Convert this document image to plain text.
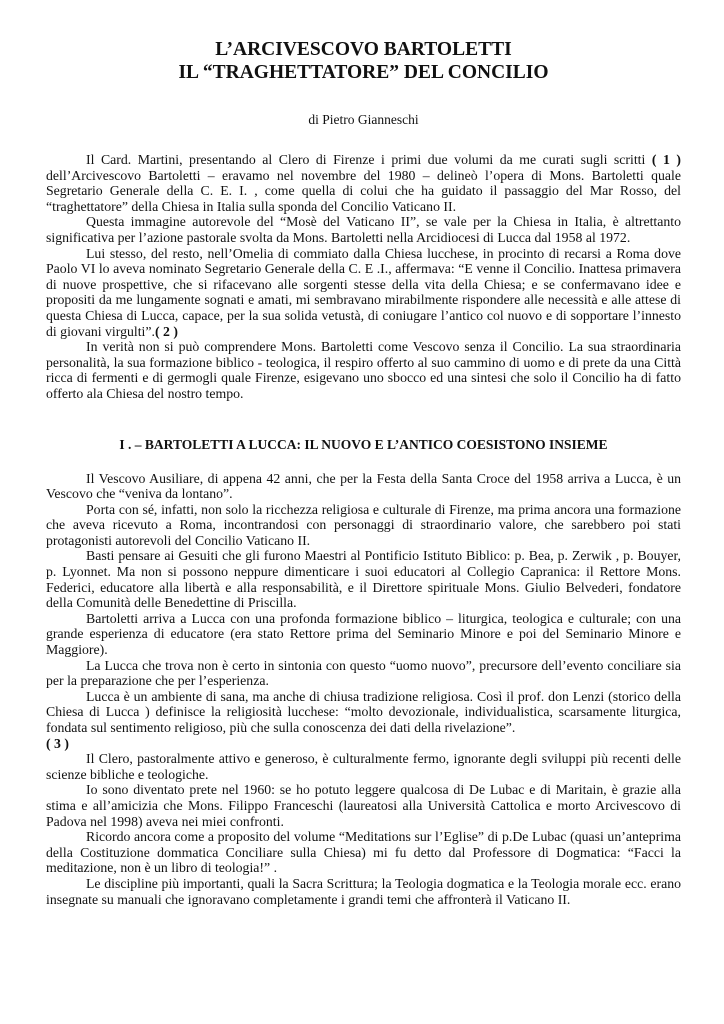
L’ARCIVESCOVO BARTOLETTI
IL “TRAGHETTATORE” DEL CONCILIO
di Pietro Gianneschi

Il Card. Martini, presentando al Clero di Firenze i primi due volumi da me curati sugli scritti ( 1 ) dell’Arcivescovo Bartoletti – eravamo nel novembre del 1980 – delineò l’opera di Mons. Bartoletti quale Segretario Generale della C. E. I. , come quella di colui che ha guidato il passaggio del Mar Rosso, del “traghettatore” della Chiesa in Italia sulla sponda del Concilio Vaticano II.

Questa immagine autorevole del “Mosè del Vaticano II”, se vale per la Chiesa in Italia, è altrettanto significativa per l’azione pastorale svolta da Mons. Bartoletti nella Arcidiocesi di Lucca dal 1958 al 1972.

Lui stesso, del resto, nell’Omelia di commiato dalla Chiesa lucchese, in procinto di recarsi a Roma dove Paolo VI lo aveva nominato Segretario Generale della C. E .I., affermava: “E venne il Concilio. Inattesa primavera di nuove prospettive, che si rifacevano alle sorgenti stesse della vita della Chiesa; e se confermavano idee e propositi da me lungamente sognati e amati, mi sembravano mirabilmente rispondere alle necessità e alle attese di questa Chiesa di Lucca, capace, per la sua solida vetustà, di coniugare l’antico col nuovo e di sopportare l’innesto di giovani virgulti”.( 2 )

In verità non si può comprendere Mons. Bartoletti come Vescovo senza il Concilio. La sua straordinaria personalità, la sua formazione biblico - teologica, il respiro offerto al suo cammino di uomo e di prete da una Città ricca di fermenti e di germogli quale Firenze, esigevano uno sbocco ed una sintesi che solo il Concilio ha di fatto offerto ala Chiesa del nostro tempo.

I . – BARTOLETTI A LUCCA: IL NUOVO E L’ANTICO COESISTONO INSIEME

Il Vescovo Ausiliare, di appena 42 anni, che per la Festa della Santa Croce del 1958 arriva a Lucca, è un Vescovo che “veniva da lontano”.

Porta con sé, infatti, non solo la ricchezza religiosa e culturale di Firenze, ma prima ancora una formazione che aveva ricevuto a Roma, incontrandosi con personaggi di straordinario valore, che sarebbero poi stati protagonisti autorevoli del Concilio Vaticano II.

Basti pensare ai Gesuiti che gli furono Maestri al Pontificio Istituto Biblico: p. Bea, p. Zerwik , p. Bouyer, p. Lyonnet. Ma non si possono neppure dimenticare i suoi educatori al Collegio Capranica: il Rettore Mons. Federici, educatore alla libertà e alla responsabilità, e il Direttore spirituale Mons. Giulio Belvederi, fondatore della Comunità delle Benedettine di Priscilla.

Bartoletti arriva a Lucca con una profonda formazione biblico – liturgica, teologica e culturale; con una grande esperienza di educatore (era stato Rettore prima del Seminario Minore e poi del Seminario Minore e Maggiore).

La Lucca che trova non è certo in sintonia con questo “uomo nuovo”, precursore dell’evento conciliare sia per la preparazione che per l’esperienza.

Lucca è un ambiente di sana, ma anche di chiusa tradizione religiosa. Così il prof. don Lenzi (storico della Chiesa di Lucca ) definisce la religiosità lucchese: “molto devozionale, individualistica, scarsamente liturgica, fondata sul sentimento religioso, più che sulla conoscenza dei dati della rivelazione”.

( 3 )

Il Clero, pastoralmente attivo e generoso, è culturalmente fermo, ignorante degli sviluppi più recenti delle scienze bibliche e teologiche.

Io sono diventato prete nel 1960: se ho potuto leggere qualcosa di De Lubac e di Maritain, è grazie alla stima e all’amicizia che Mons. Filippo Franceschi (laureatosi alla Università Cattolica e morto Arcivescovo di Padova nel 1998) aveva nei miei confronti.

Ricordo ancora come a proposito del volume “Meditations sur l’Eglise” di p.De Lubac (quasi un’anteprima della Costituzione dommatica Conciliare sulla Chiesa) mi fu detto dal Professore di Dogmatica: “Facci la meditazione, non è un libro di teologia!” .

Le discipline più importanti, quali la Sacra Scrittura; la Teologia dogmatica e la Teologia morale ecc. erano insegnate su manuali che ignoravano completamente i grandi temi che affronterà il Vaticano II.
